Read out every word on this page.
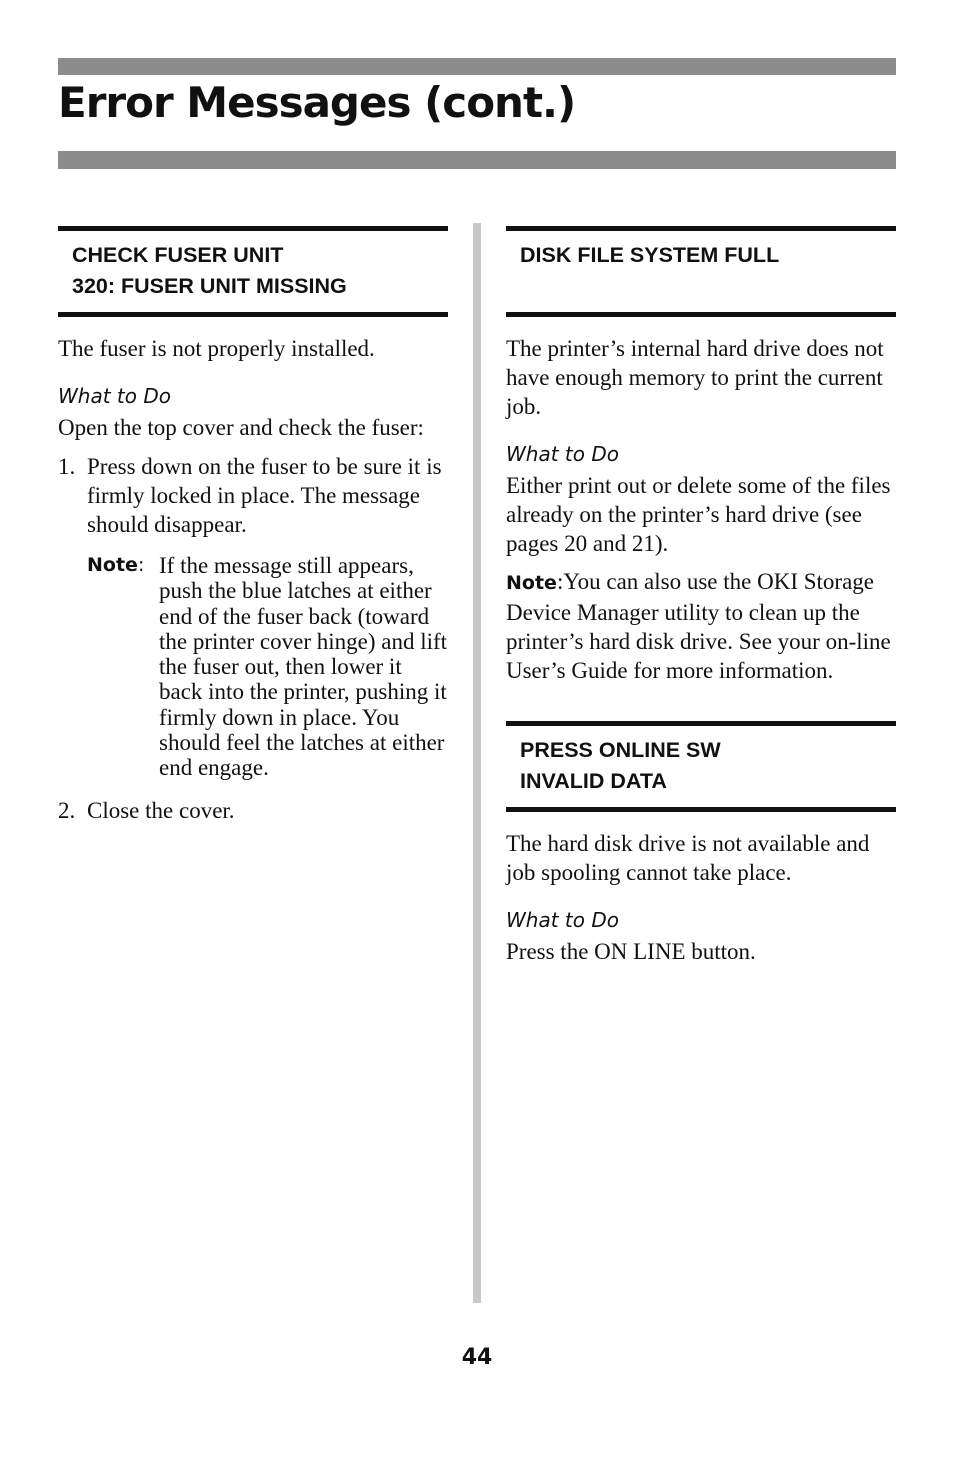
Error Messages (cont.)
CHECK FUSER UNIT
320: FUSER UNIT MISSING

The fuser is not properly installed.

What to Do

Open the top cover and check the fuser:

1. Press down on the fuser to be sure it is firmly locked in place. The message should disappear.
Note: If the message still appears, push the blue latches at either end of the fuser back (toward the printer cover hinge) and lift the fuser out, then lower it back into the printer, pushing it firmly down in place. You should feel the latches at either end engage.
2. Close the cover.
DISK FILE SYSTEM FULL

The printer’s internal hard drive does not have enough memory to print the current job.

What to Do

Either print out or delete some of the files already on the printer’s hard drive (see pages 20 and 21).

Note:You can also use the OKI Storage Device Manager utility to clean up the printer’s hard disk drive. See your on-line User’s Guide for more information.

PRESS ONLINE SW
INVALID DATA

The hard disk drive is not available and job spooling cannot take place.

What to Do

Press the ON LINE button.

44
